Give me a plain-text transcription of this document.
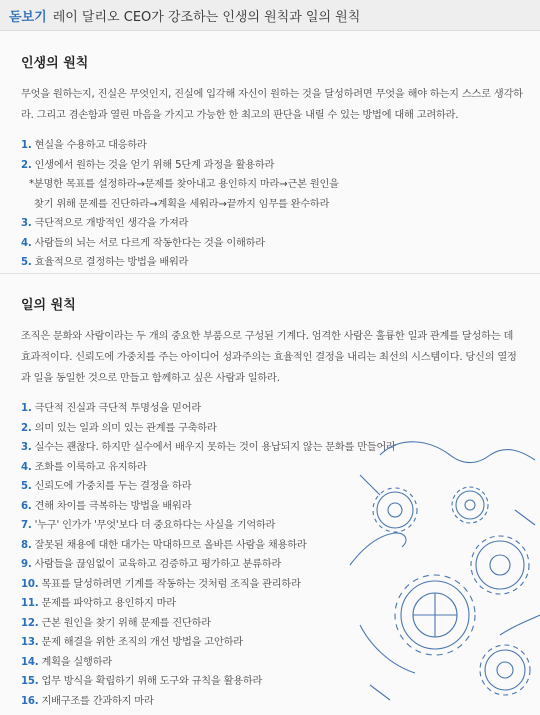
돋보기 레이 달리오 CEO가 강조하는 인생의 원칙과 일의 원칙

인생의 원칙

무엇을 원하는지, 진실은 무엇인지, 진실에 입각해 자신이 원하는 것을 달성하려면 무엇을 해야 하는지 스스로 생각하라. 그리고 겸손함과 열린 마음을 가지고 가능한 한 최고의 판단을 내릴 수 있는 방법에 대해 고려하라.

1. 현실을 수용하고 대응하라
2. 인생에서 원하는 것을 얻기 위해 5단계 과정을 활용하라
*분명한 목표를 설정하라→문제를 찾아내고 용인하지 마라→근본 원인을
찾기 위해 문제를 진단하라→계획을 세워라→끝까지 임무를 완수하라
3. 극단적으로 개방적인 생각을 가져라
4. 사람들의 뇌는 서로 다르게 작동한다는 것을 이해하라
5. 효율적으로 결정하는 방법을 배워라

일의 원칙

조직은 문화와 사람이라는 두 개의 중요한 부품으로 구성된 기계다. 엄격한 사람은 훌륭한 일과 관계를 달성하는 데 효과적이다. 신뢰도에 가중치를 주는 아이디어 성과주의는 효율적인 결정을 내리는 최선의 시스템이다. 당신의 열정과 일을 동일한 것으로 만들고 함께하고 싶은 사람과 일하라.

1. 극단적 진실과 극단적 투명성을 믿어라
2. 의미 있는 일과 의미 있는 관계를 구축하라
3. 실수는 괜찮다. 하지만 실수에서 배우지 못하는 것이 용납되지 않는 문화를 만들어라
4. 조화를 이룩하고 유지하라
5. 신뢰도에 가중치를 두는 결정을 하라
6. 견해 차이를 극복하는 방법을 배워라
7. '누구' 인가가 '무엇'보다 더 중요하다는 사실을 기억하라
8. 잘못된 채용에 대한 대가는 막대하므로 올바른 사람을 채용하라
9. 사람들을 끊임없이 교육하고 검증하고 평가하고 분류하라
10. 목표를 달성하려면 기계를 작동하는 것처럼 조직을 관리하라
11. 문제를 파악하고 용인하지 마라
12. 근본 원인을 찾기 위해 문제를 진단하라
13. 문제 해결을 위한 조직의 개선 방법을 고안하라
14. 계획을 실행하라
15. 업무 방식을 확립하기 위해 도구와 규칙을 활용하라
16. 지배구조를 간과하지 마라
